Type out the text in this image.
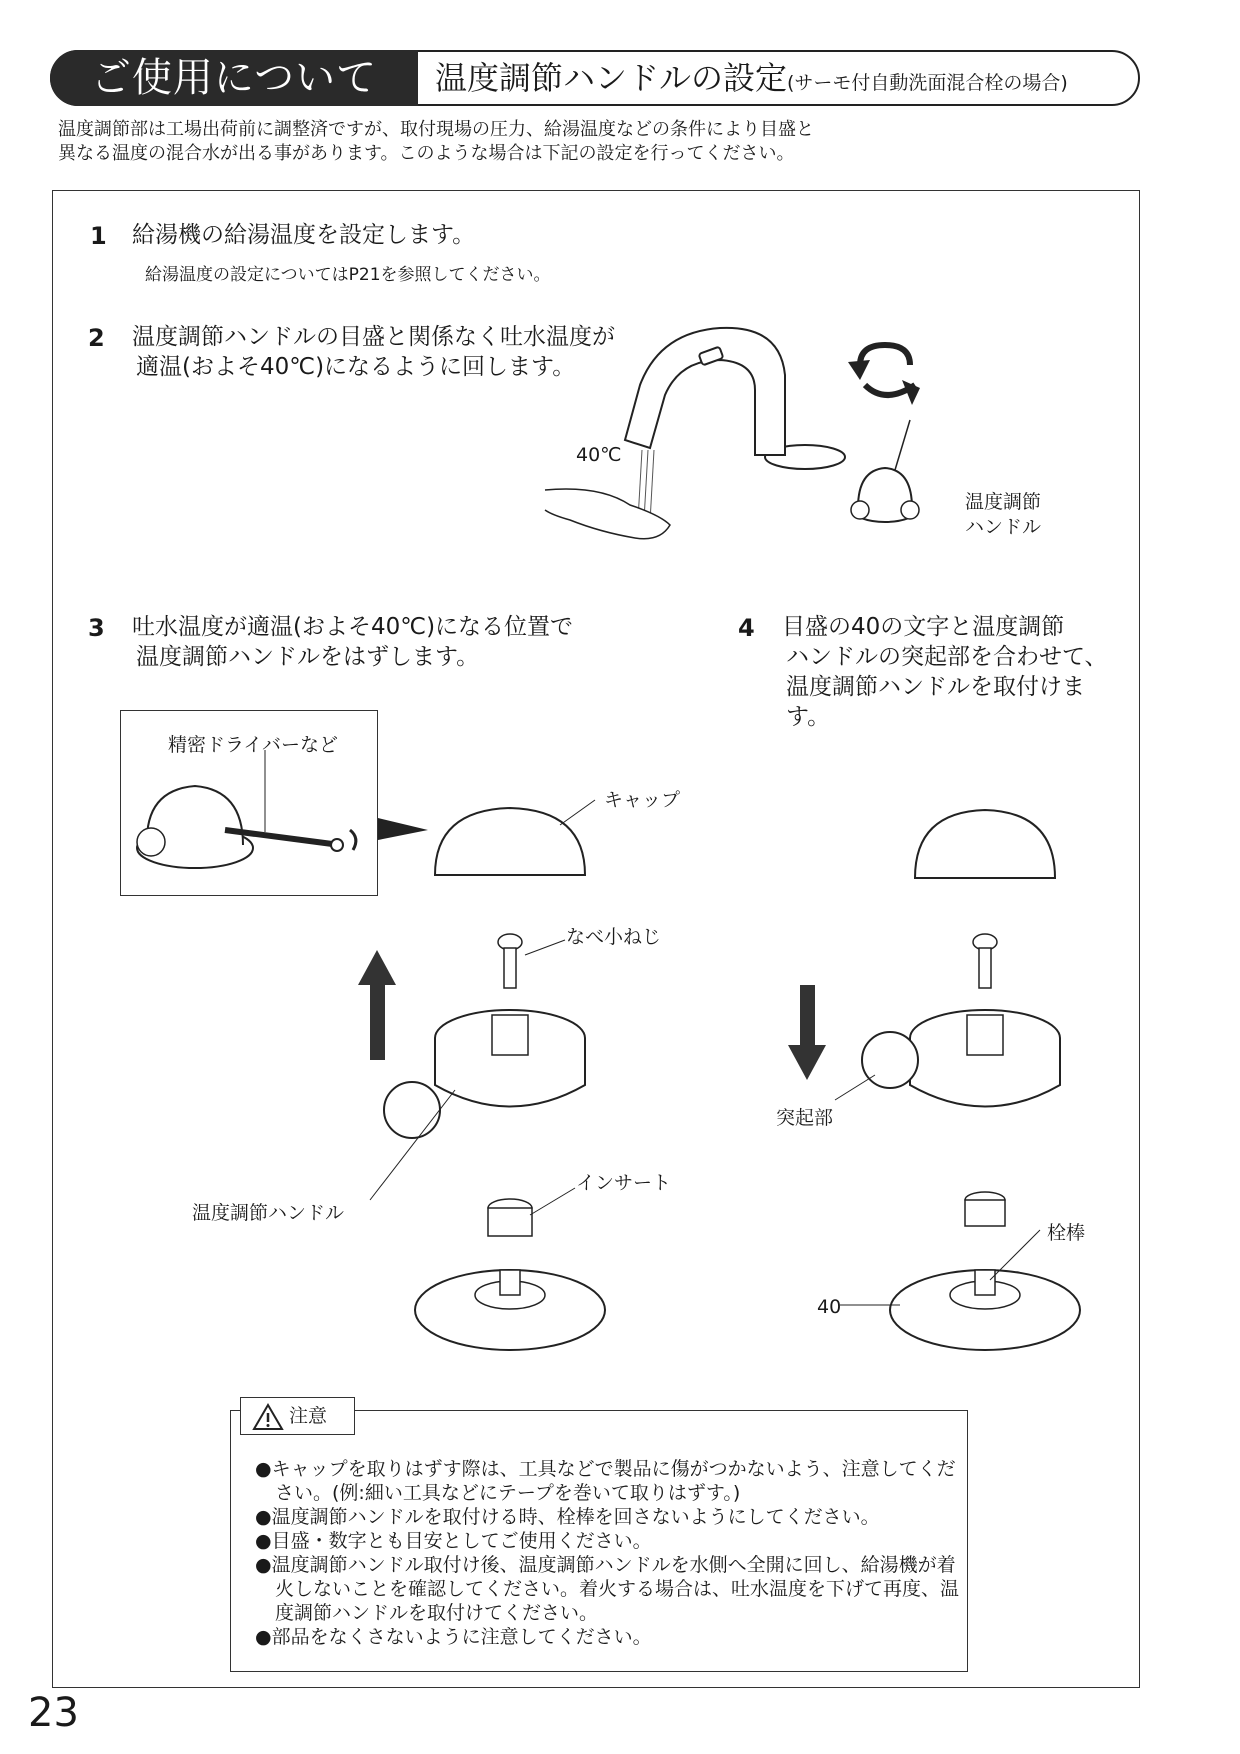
ご使用について	温度調節ハンドルの設定(サーモ付自動洗面混合栓の場合)
温度調節部は工場出荷前に調整済ですが、取付現場の圧力、給湯温度などの条件により目盛と
異なる温度の混合水が出る事があります。このような場合は下記の設定を行ってください。
1 給湯機の給湯温度を設定します。
給湯温度の設定についてはP21を参照してください。
2 温度調節ハンドルの目盛と関係なく吐水温度が
適温(およそ40℃)になるように回します。
40℃
温度調節
ハンドル
3 吐水温度が適温(およそ40℃)になる位置で
温度調節ハンドルをはずします。
4 目盛の40の文字と温度調節
ハンドルの突起部を合わせて、
温度調節ハンドルを取付けま
す。
精密ドライバーなど
キャップ
なべ小ねじ
温度調節ハンドル
インサート
突起部
栓棒
40
● キャップを取りはずす際は、工具などで製品に傷がつかないよう、注意してください。(例:細い工具などにテープを巻いて取りはずす。)
● 温度調節ハンドルを取付ける時、栓棒を回さないようにしてください。
● 目盛・数字とも目安としてご使用ください。
● 温度調節ハンドル取付け後、温度調節ハンドルを水側へ全開に回し、給湯機が着火しないことを確認してください。着火する場合は、吐水温度を下げて再度、温度調節ハンドルを取付けてください。
● 部品をなくさないように注意してください。
注意
23
